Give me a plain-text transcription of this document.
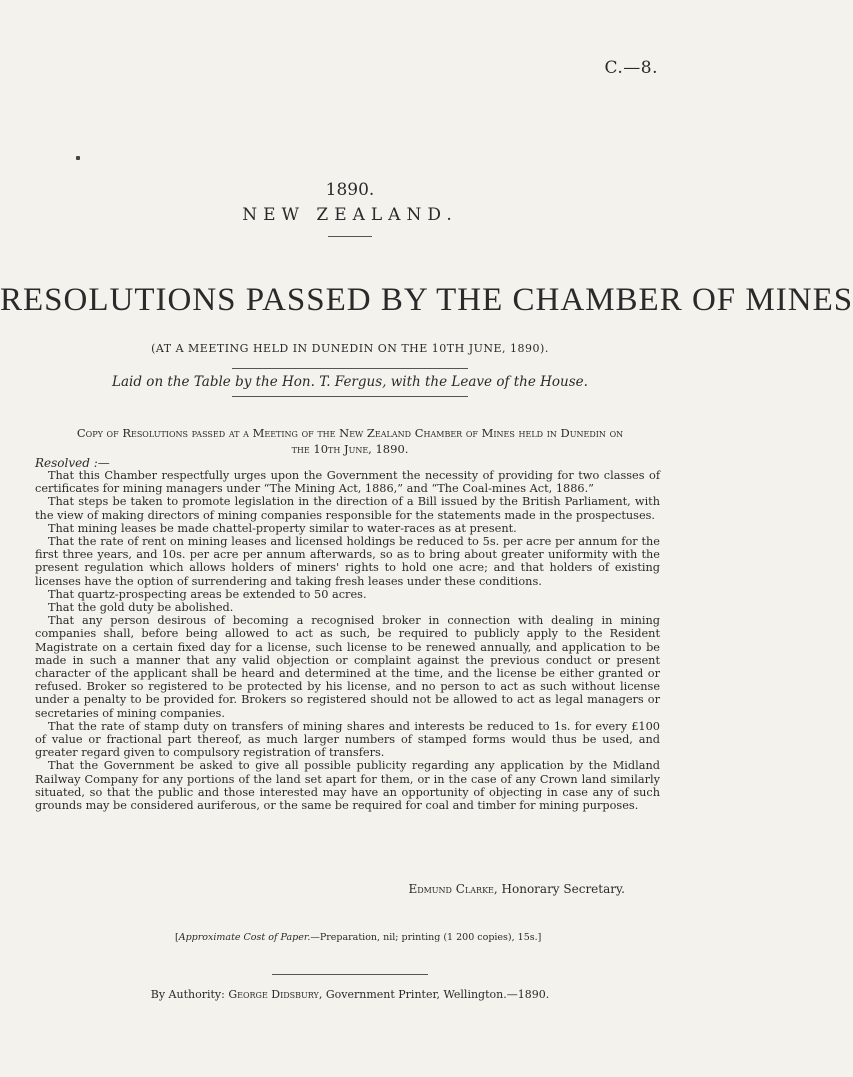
C.—8.
1890.
NEW ZEALAND.
RESOLUTIONS PASSED BY THE CHAMBER OF MINES
(AT A MEETING HELD IN DUNEDIN ON THE 10TH JUNE, 1890).
Laid on the Table by the Hon. T. Fergus, with the Leave of the House.
Copy of Resolutions passed at a Meeting of the New Zealand Chamber of Mines held in Dunedin on the 10th June, 1890.
Resolved :—

That this Chamber respectfully urges upon the Government the necessity of providing for two classes of certificates for mining managers under “The Mining Act, 1886,” and “The Coal-mines Act, 1886.”

That steps be taken to promote legislation in the direction of a Bill issued by the British Parliament, with the view of making directors of mining companies responsible for the statements made in the prospectuses.

That mining leases be made chattel-property similar to water-races as at present.

That the rate of rent on mining leases and licensed holdings be reduced to 5s. per acre per annum for the first three years, and 10s. per acre per annum afterwards, so as to bring about greater uniformity with the present regulation which allows holders of miners' rights to hold one acre; and that holders of existing licenses have the option of surrendering and taking fresh leases under these conditions.

That quartz-prospecting areas be extended to 50 acres.

That the gold duty be abolished.

That any person desirous of becoming a recognised broker in connection with dealing in mining companies shall, before being allowed to act as such, be required to publicly apply to the Resident Magistrate on a certain fixed day for a license, such license to be renewed annually, and application to be made in such a manner that any valid objection or complaint against the previous conduct or present character of the applicant shall be heard and determined at the time, and the license be either granted or refused. Broker so registered to be protected by his license, and no person to act as such without license under a penalty to be provided for. Brokers so registered should not be allowed to act as legal managers or secretaries of mining companies.

That the rate of stamp duty on transfers of mining shares and interests be reduced to 1s. for every £100 of value or fractional part thereof, as much larger numbers of stamped forms would thus be used, and greater regard given to compulsory registration of transfers.

That the Government be asked to give all possible publicity regarding any application by the Midland Railway Company for any portions of the land set apart for them, or in the case of any Crown land similarly situated, so that the public and those interested may have an opportunity of objecting in case any of such grounds may be considered auriferous, or the same be required for coal and timber for mining purposes.

Edmund Clarke, Honorary Secretary.
[Approximate Cost of Paper.—Preparation, nil; printing (1 200 copies), 15s.]
By Authority: George Didsbury, Government Printer, Wellington.—1890.
